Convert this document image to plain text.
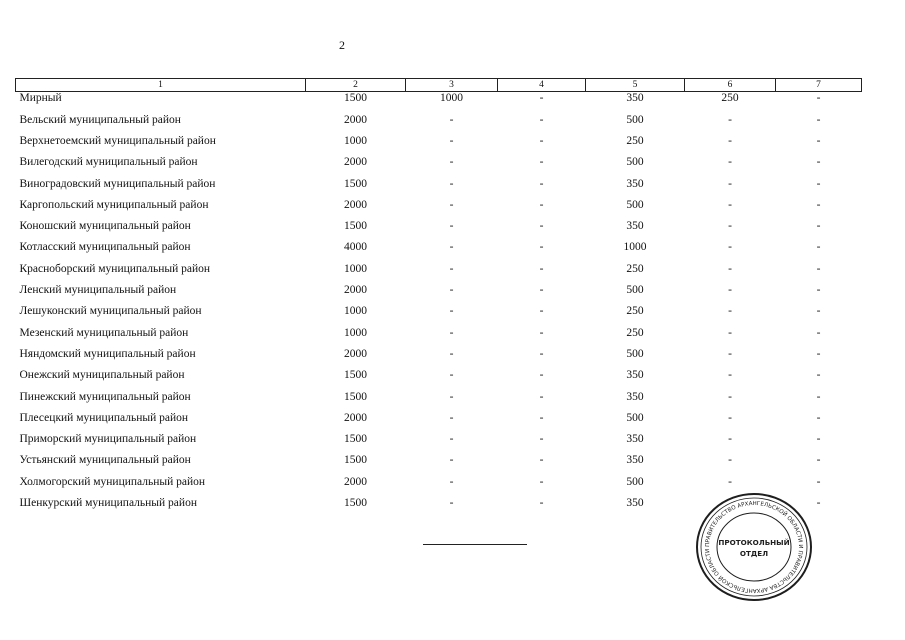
2
1	2	3	4	5	6	7
Мирный	1500	1000	-	350	250	-
Вельский муниципальный район	2000	-	-	500	-	-
Верхнетоемский муниципальный район	1000	-	-	250	-	-
Вилегодский муниципальный район	2000	-	-	500	-	-
Виноградовский муниципальный район	1500	-	-	350	-	-
Каргопольский муниципальный район	2000	-	-	500	-	-
Коношский муниципальный район	1500	-	-	350	-	-
Котласский муниципальный район	4000	-	-	1000	-	-
Красноборский муниципальный район	1000	-	-	250	-	-
Ленский муниципальный район	2000	-	-	500	-	-
Лешуконский муниципальный район	1000	-	-	250	-	-
Мезенский муниципальный район	1000	-	-	250	-	-
Няндомский муниципальный район	2000	-	-	500	-	-
Онежский муниципальный район	1500	-	-	350	-	-
Пинежский муниципальный район	1500	-	-	350	-	-
Плесецкий муниципальный район	2000	-	-	500	-	-
Приморский муниципальный район	1500	-	-	350	-	-
Устьянский муниципальный район	1500	-	-	350	-	-
Холмогорский муниципальный район	2000	-	-	500	-	-
Шенкурский муниципальный район	1500	-	-	350		-
ПРАВИТЕЛЬСТВО АРХАНГЕЛЬСКОЙ ОБЛАСТИ И ПРАВИТЕЛЬСТВА АРХАНГЕЛЬСКОЙ ОБЛАСТИ
ПРОТОКОЛЬНЫЙ
ОТДЕЛ
